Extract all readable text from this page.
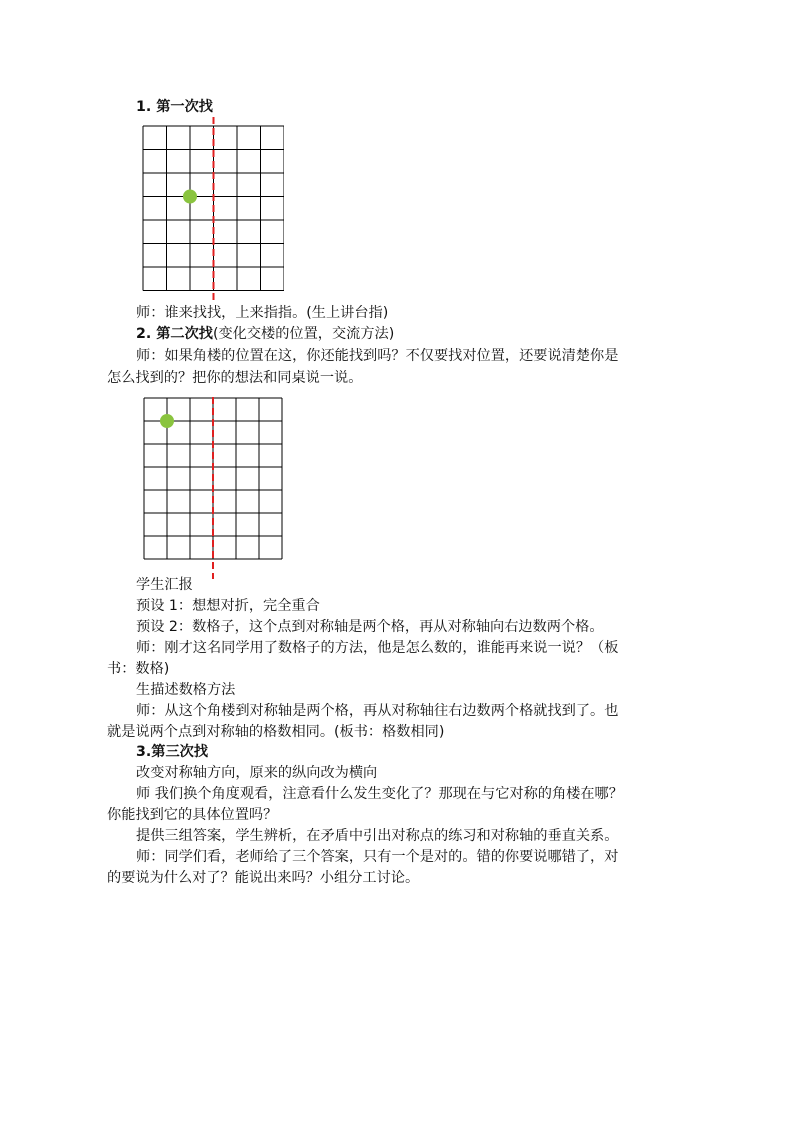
1. 第一次找
师：谁来找找，上来指指。(生上讲台指)
2. 第二次找(变化交楼的位置，交流方法)
师：如果角楼的位置在这，你还能找到吗？不仅要找对位置，还要说清楚你是
怎么找到的？把你的想法和同桌说一说。
学生汇报
预设 1：想想对折，完全重合
预设 2：数格子，这个点到对称轴是两个格，再从对称轴向右边数两个格。
师：刚才这名同学用了数格子的方法，他是怎么数的，谁能再来说一说？（板
书：数格)
生描述数格方法
师：从这个角楼到对称轴是两个格，再从对称轴往右边数两个格就找到了。也
就是说两个点到对称轴的格数相同。(板书：格数相同)
3.第三次找
改变对称轴方向，原来的纵向改为横向
师 我们换个角度观看，注意看什么发生变化了？那现在与它对称的角楼在哪？
你能找到它的具体位置吗？
提供三组答案，学生辨析，在矛盾中引出对称点的练习和对称轴的垂直关系。
师：同学们看，老师给了三个答案，只有一个是对的。错的你要说哪错了，对
的要说为什么对了？能说出来吗？小组分工讨论。
